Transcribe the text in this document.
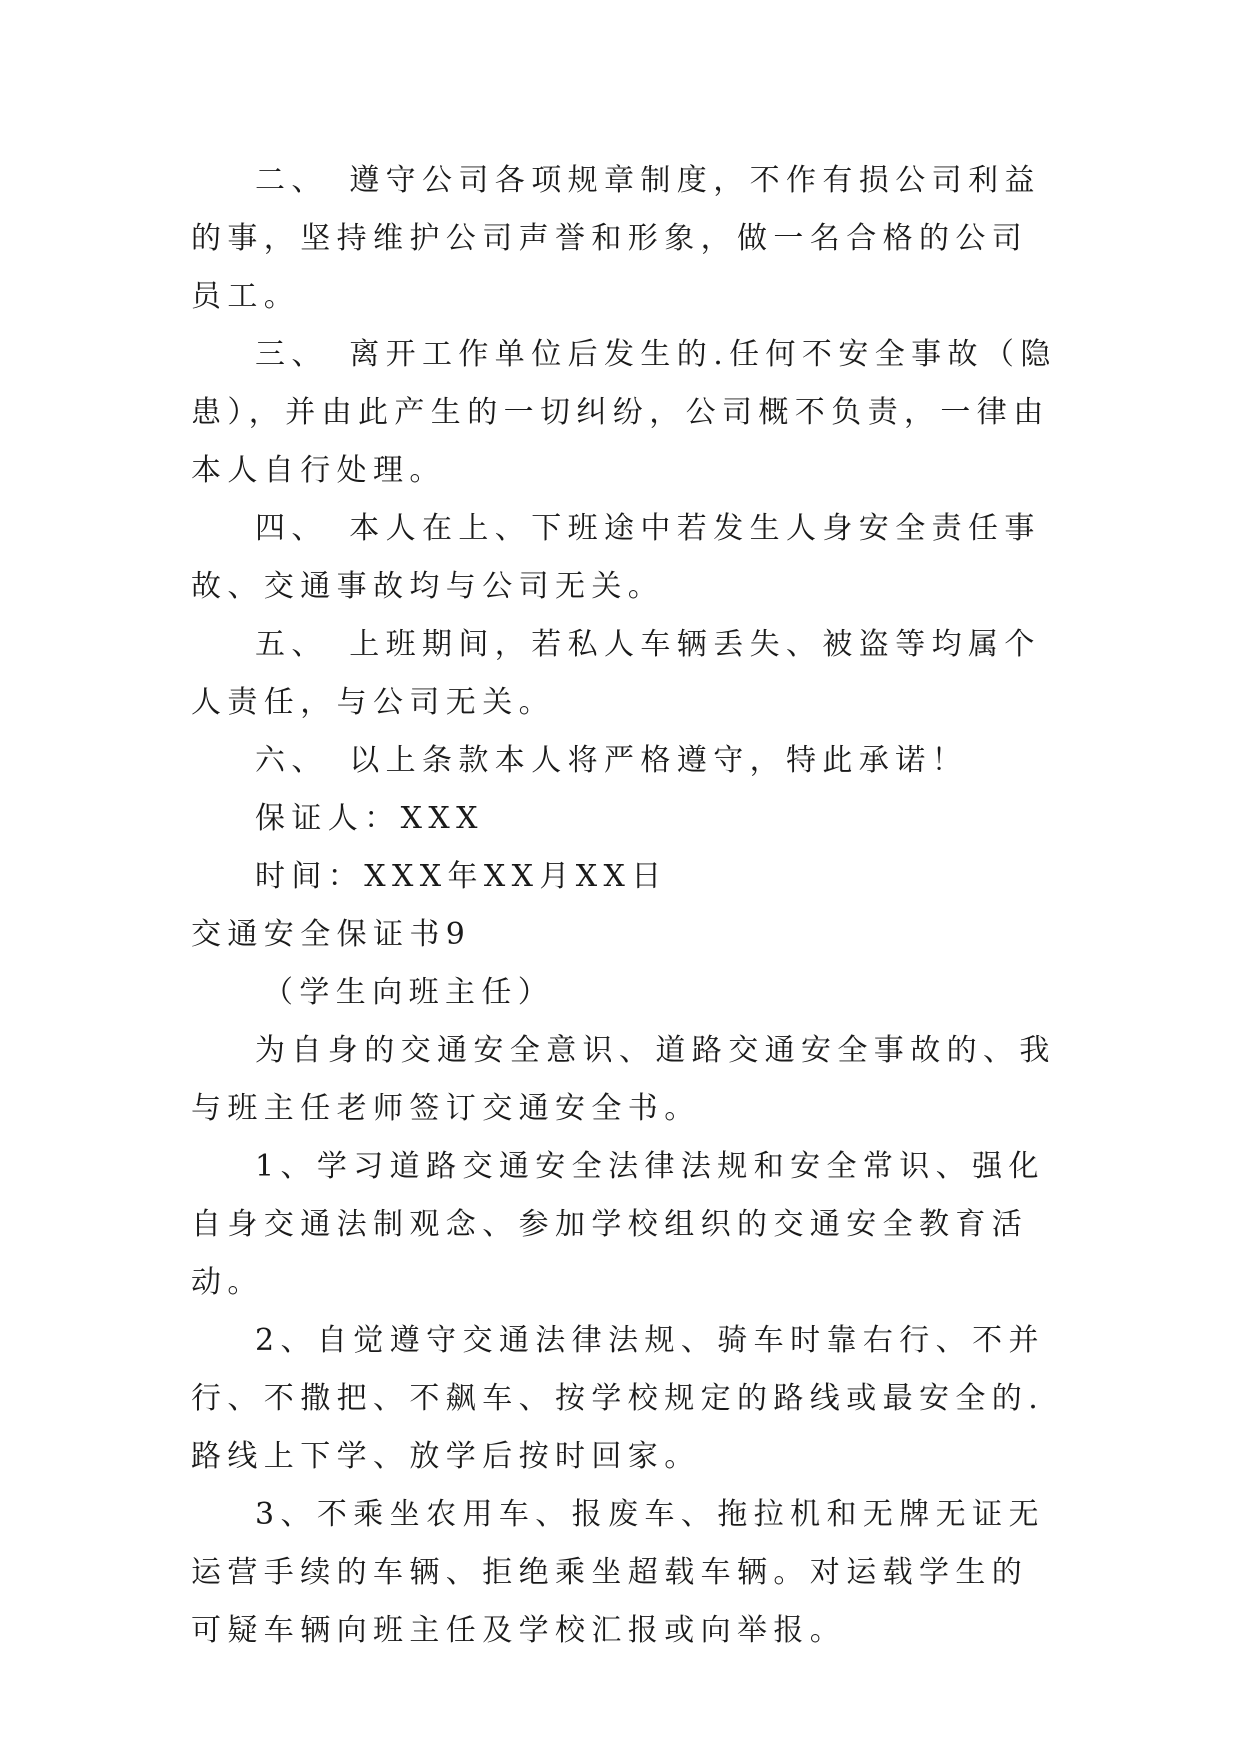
二、　遵守公司各项规章制度，不作有损公司利益的事，坚持维护公司声誉和形象，做一名合格的公司员工。

三、　离开工作单位后发生的.任何不安全事故（隐患），并由此产生的一切纠纷，公司概不负责，一律由本人自行处理。

四、　本人在上、下班途中若发生人身安全责任事故、交通事故均与公司无关。

五、　上班期间，若私人车辆丢失、被盗等均属个人责任，与公司无关。

六、　以上条款本人将严格遵守，特此承诺！

保证人：XXX

时间：XXX年XX月XX日

交通安全保证书9

（学生向班主任）

为自身的交通安全意识、道路交通安全事故的、我与班主任老师签订交通安全书。

1、学习道路交通安全法律法规和安全常识、强化自身交通法制观念、参加学校组织的交通安全教育活动。

2、自觉遵守交通法律法规、骑车时靠右行、不并行、不撒把、不飙车、按学校规定的路线或最安全的.路线上下学、放学后按时回家。

3、不乘坐农用车、报废车、拖拉机和无牌无证无运营手续的车辆、拒绝乘坐超载车辆。对运载学生的可疑车辆向班主任及学校汇报或向举报。
